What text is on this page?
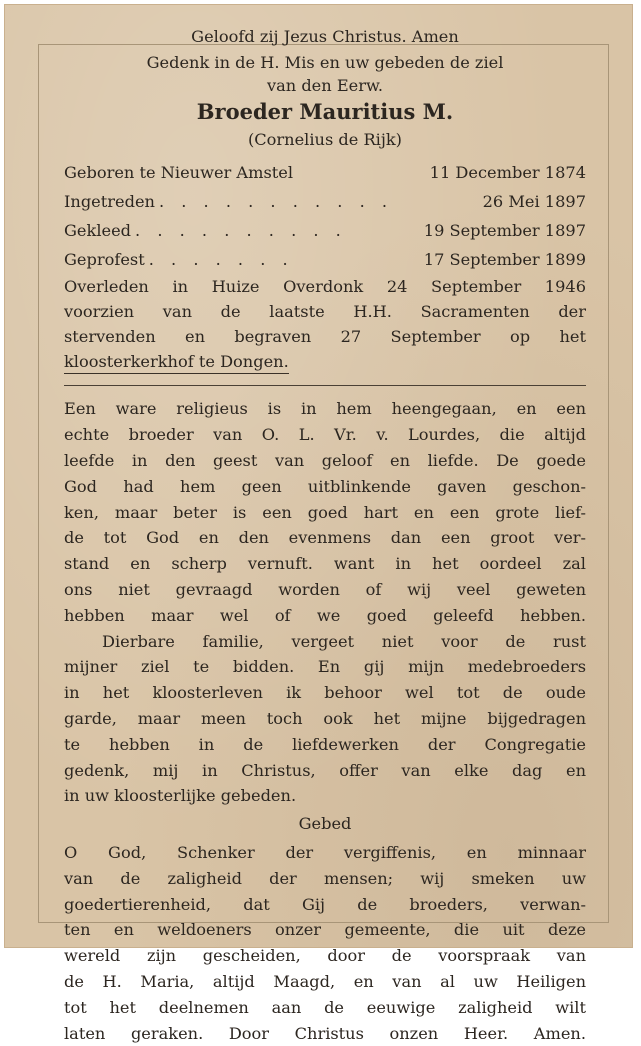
Geloofd zij Jezus Christus. Amen
Gedenk in de H. Mis en uw gebeden de ziel
van den Eerw.
Broeder Mauritius M.
(Cornelius de Rijk)
Geboren te Nieuwer Amstel	11 December 1874
Ingetreden . . . . . . . . . . .	26 Mei 1897
Gekleed . . . . . . . . . .	19 September 1897
Geprofest . . . . . . .	17 September 1899
Overleden in Huize Overdonk 24 September 1946
voorzien van de laatste H.H. Sacramenten der
stervenden en begraven 27 September op het
kloosterkerkhof te Dongen.
Een ware religieus is in hem heengegaan, en een
echte broeder van O. L. Vr. v. Lourdes, die altijd
leefde in den geest van geloof en liefde. De goede
God had hem geen uitblinkende gaven geschon-
ken, maar beter is een goed hart en een grote lief-
de tot God en den evenmens dan een groot ver-
stand en scherp vernuft. want in het oordeel zal
ons niet gevraagd worden of wij veel geweten
hebben maar wel of we goed geleefd hebben.
Dierbare familie, vergeet niet voor de rust
mijner ziel te bidden. En gij mijn medebroeders
in het kloosterleven ik behoor wel tot de oude
garde, maar meen toch ook het mijne bijgedragen
te hebben in de liefdewerken der Congregatie
gedenk, mij in Christus, offer van elke dag en
in uw kloosterlijke gebeden.
Gebed
O God, Schenker der vergiffenis, en minnaar
van de zaligheid der mensen; wij smeken uw
goedertierenheid, dat Gij de broeders, verwan-
ten en weldoeners onzer gemeente, die uit deze
wereld zijn gescheiden, door de voorspraak van
de H. Maria, altijd Maagd, en van al uw Heiligen
tot het deelnemen aan de eeuwige zaligheid wilt
laten geraken. Door Christus onzen Heer. Amen.
